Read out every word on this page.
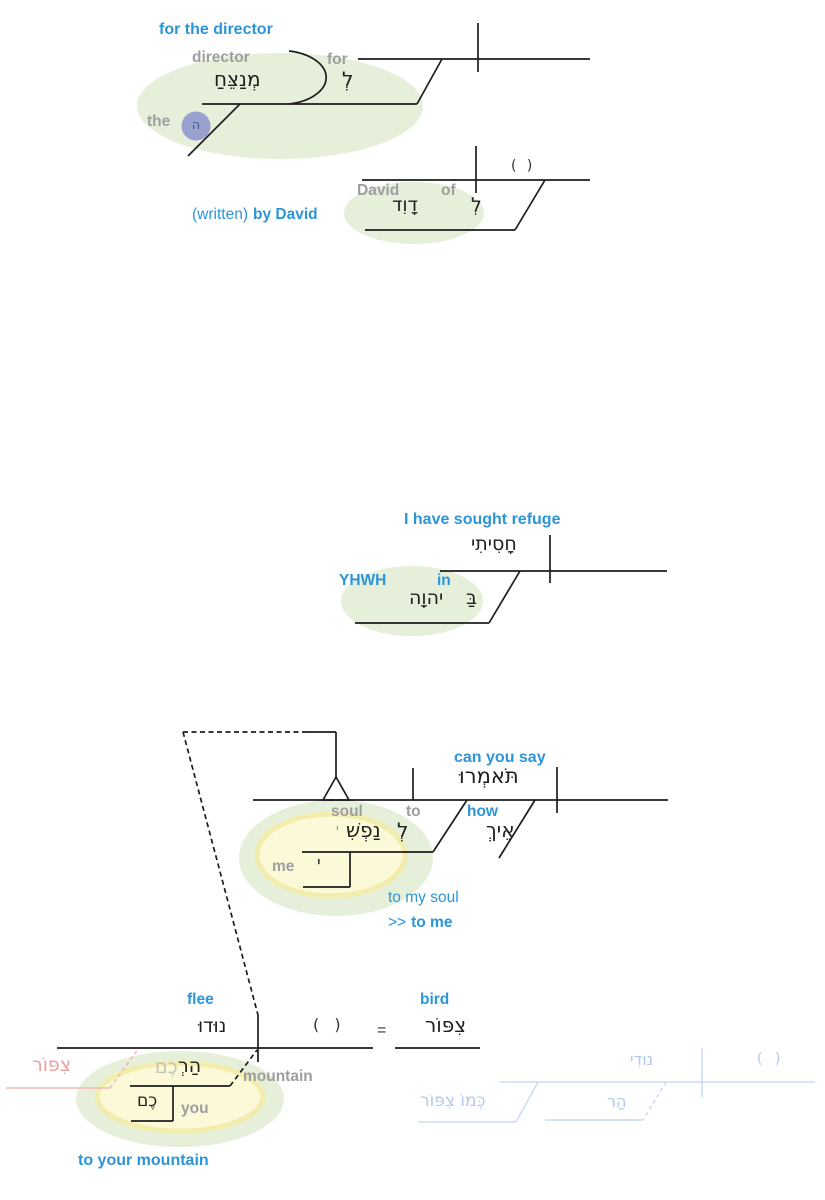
for the director
director	for
מְנַצֵּחַ	לְ
the ה
( )
David	of
דָוִד	לְ
(written) by David
I have sought refuge
חָסִיתִי
YHWH	in
יהוָה בַּ
can you say
תֹּאמְרוּ
soul	to	how
אֵיךְ
לְ
נַפְשִׁ
י
me י
to my soul
>> to me
flee	bird
נוּדוּ	( ) = צִפּוֹר
צִפּוֹר	הַרְ
כֶם	mountain
כֶם you
to your mountain
נוּדִי	( )
כְּמוֹ צִפּוֹר	הַר
